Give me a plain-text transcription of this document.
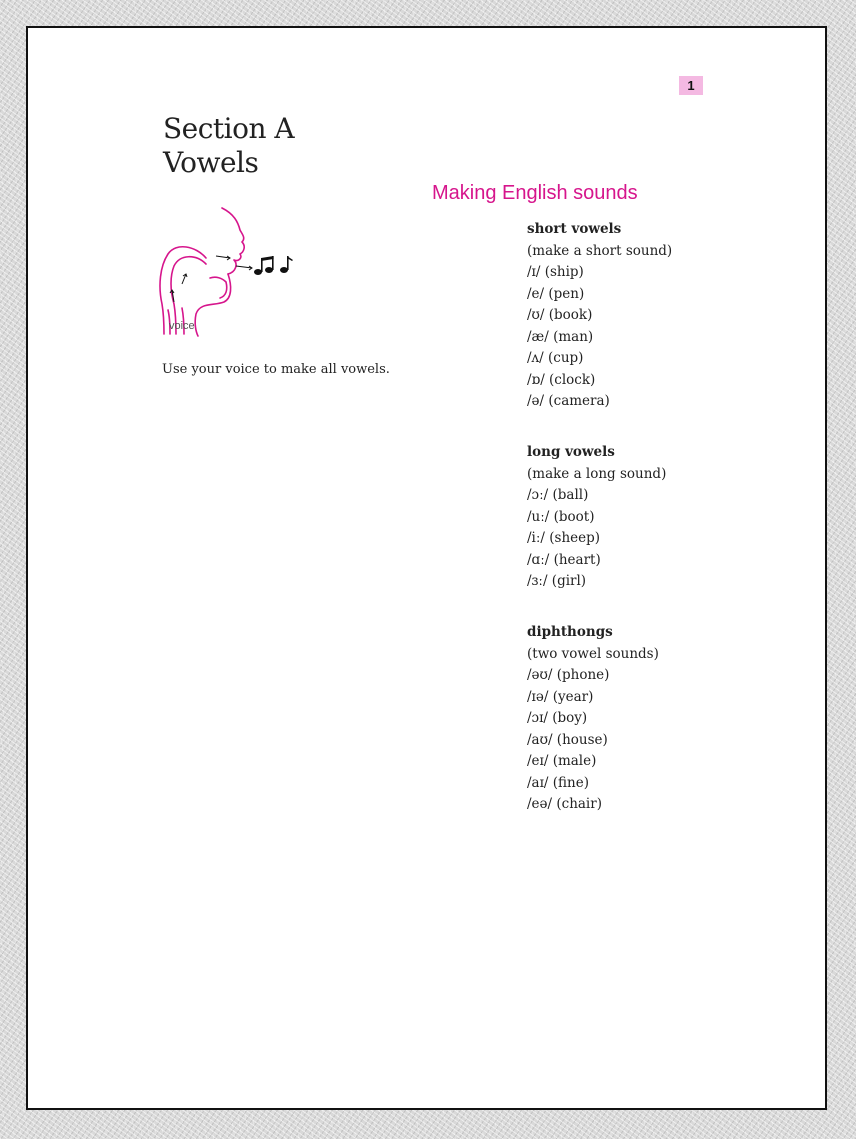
1
Section A
Vowels
Making English sounds
voice

Use your voice to make all vowels.

short vowels
(make a short sound)
/ɪ/ (ship)
/e/ (pen)
/ʊ/ (book)
/æ/ (man)
/ʌ/ (cup)
/ɒ/ (clock)
/ə/ (camera)
long vowels
(make a long sound)
/ɔː/ (ball)
/uː/ (boot)
/iː/ (sheep)
/ɑː/ (heart)
/ɜː/ (girl)
diphthongs
(two vowel sounds)
/əʊ/ (phone)
/ɪə/ (year)
/ɔɪ/ (boy)
/aʊ/ (house)
/eɪ/ (male)
/aɪ/ (fine)
/eə/ (chair)
